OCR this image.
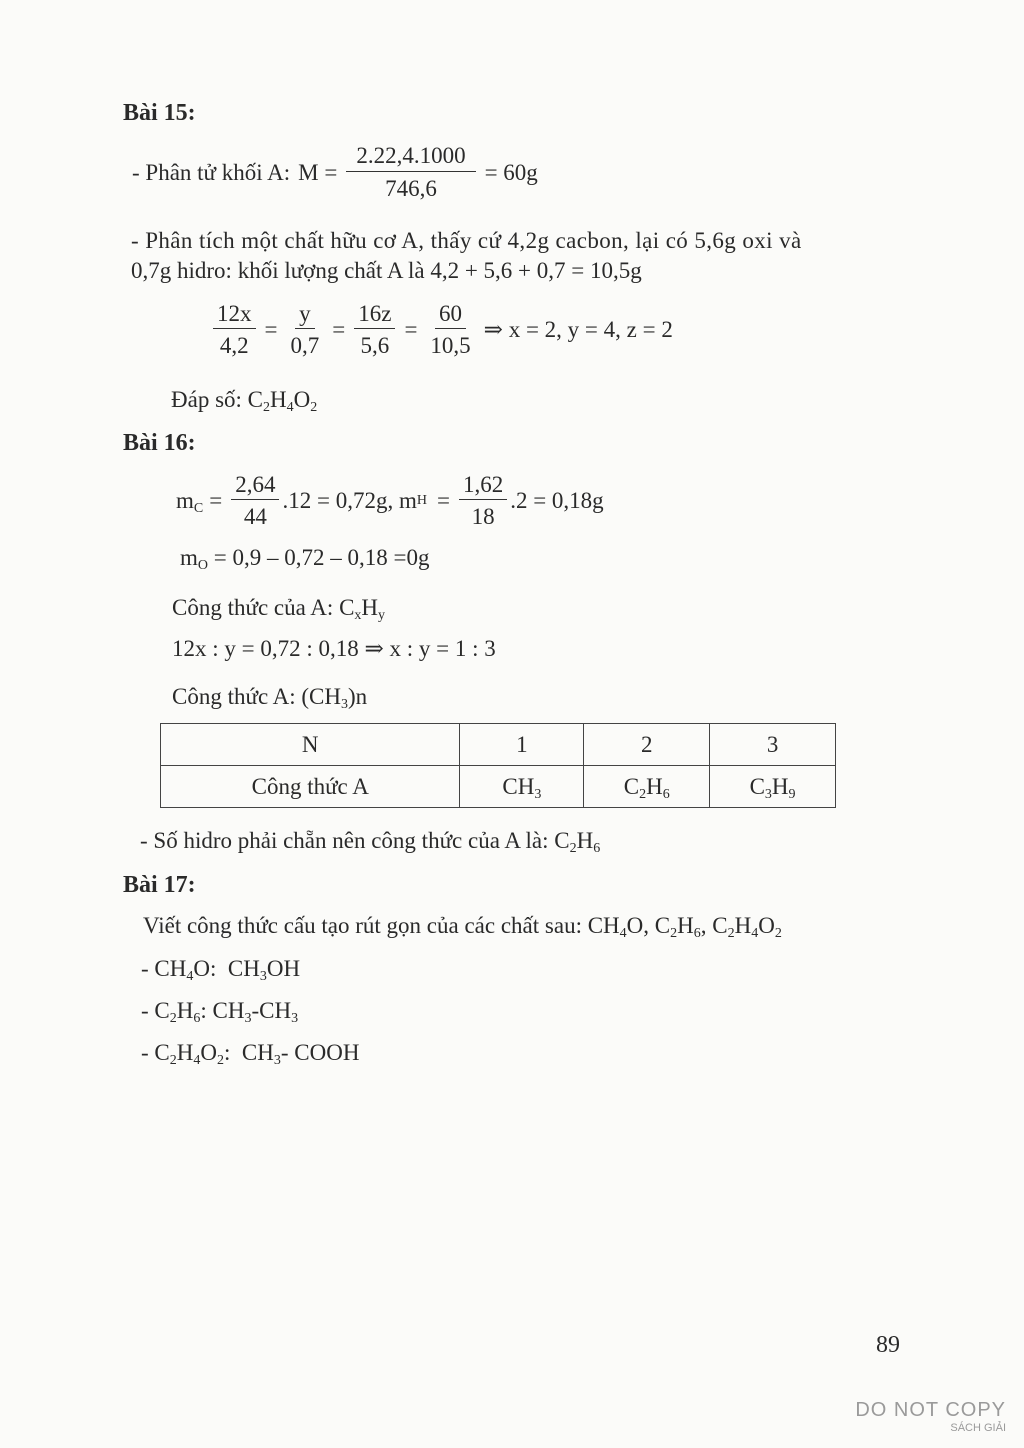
Bài 15:
- Phân tử khối A: $M = \frac{2.22,4.1000}{746,6} = 60g$
- Phân tích một chất hữu cơ A, thấy cứ 4,2g cacbon, lại có 5,6g oxi và
0,7g hidro: khối lượng chất A là 4,2 + 5,6 + 0,7 = 10,5g
$\frac{12x}{4,2} = \frac{y}{0,7} = \frac{16z}{5,6} = \frac{60}{10,5}$ ⇒ x = 2, y = 4, z = 2
Đáp số: $C_2H_4O_2$
Bài 16:
$m_C = \frac{2,64}{44} .12 = 0,72g$, m $H = \frac{1,62}{18} .2 = 0,18g$
$m_O = 0,9 - 0,72 - 0,18 =0g$
Công thức của A: $C_xH_y$
12x : y = 0,72 : 0,18 ⇒ x : y = 1 : 3
Công thức A: $(CH_3)n$
N	1	2	3
Công thức A	$CH_3$	$C_2H_6$	$C_3H_9$
- Số hidro phải chẵn nên công thức của A là: $C_2H_6$
Bài 17:
Viết công thức cấu tạo rút gọn của các chất sau: $CH_4O$, $C_2H_6$, $C_2H_4O_2$
- $CH_4O$:  $CH_3OH$
- $C_2H_6$: $CH_3-CH_3$
- $C_2H_4O_2$:  $CH_3-$ COOH
89
DO NOT COPY
SÁCH GIẢI
